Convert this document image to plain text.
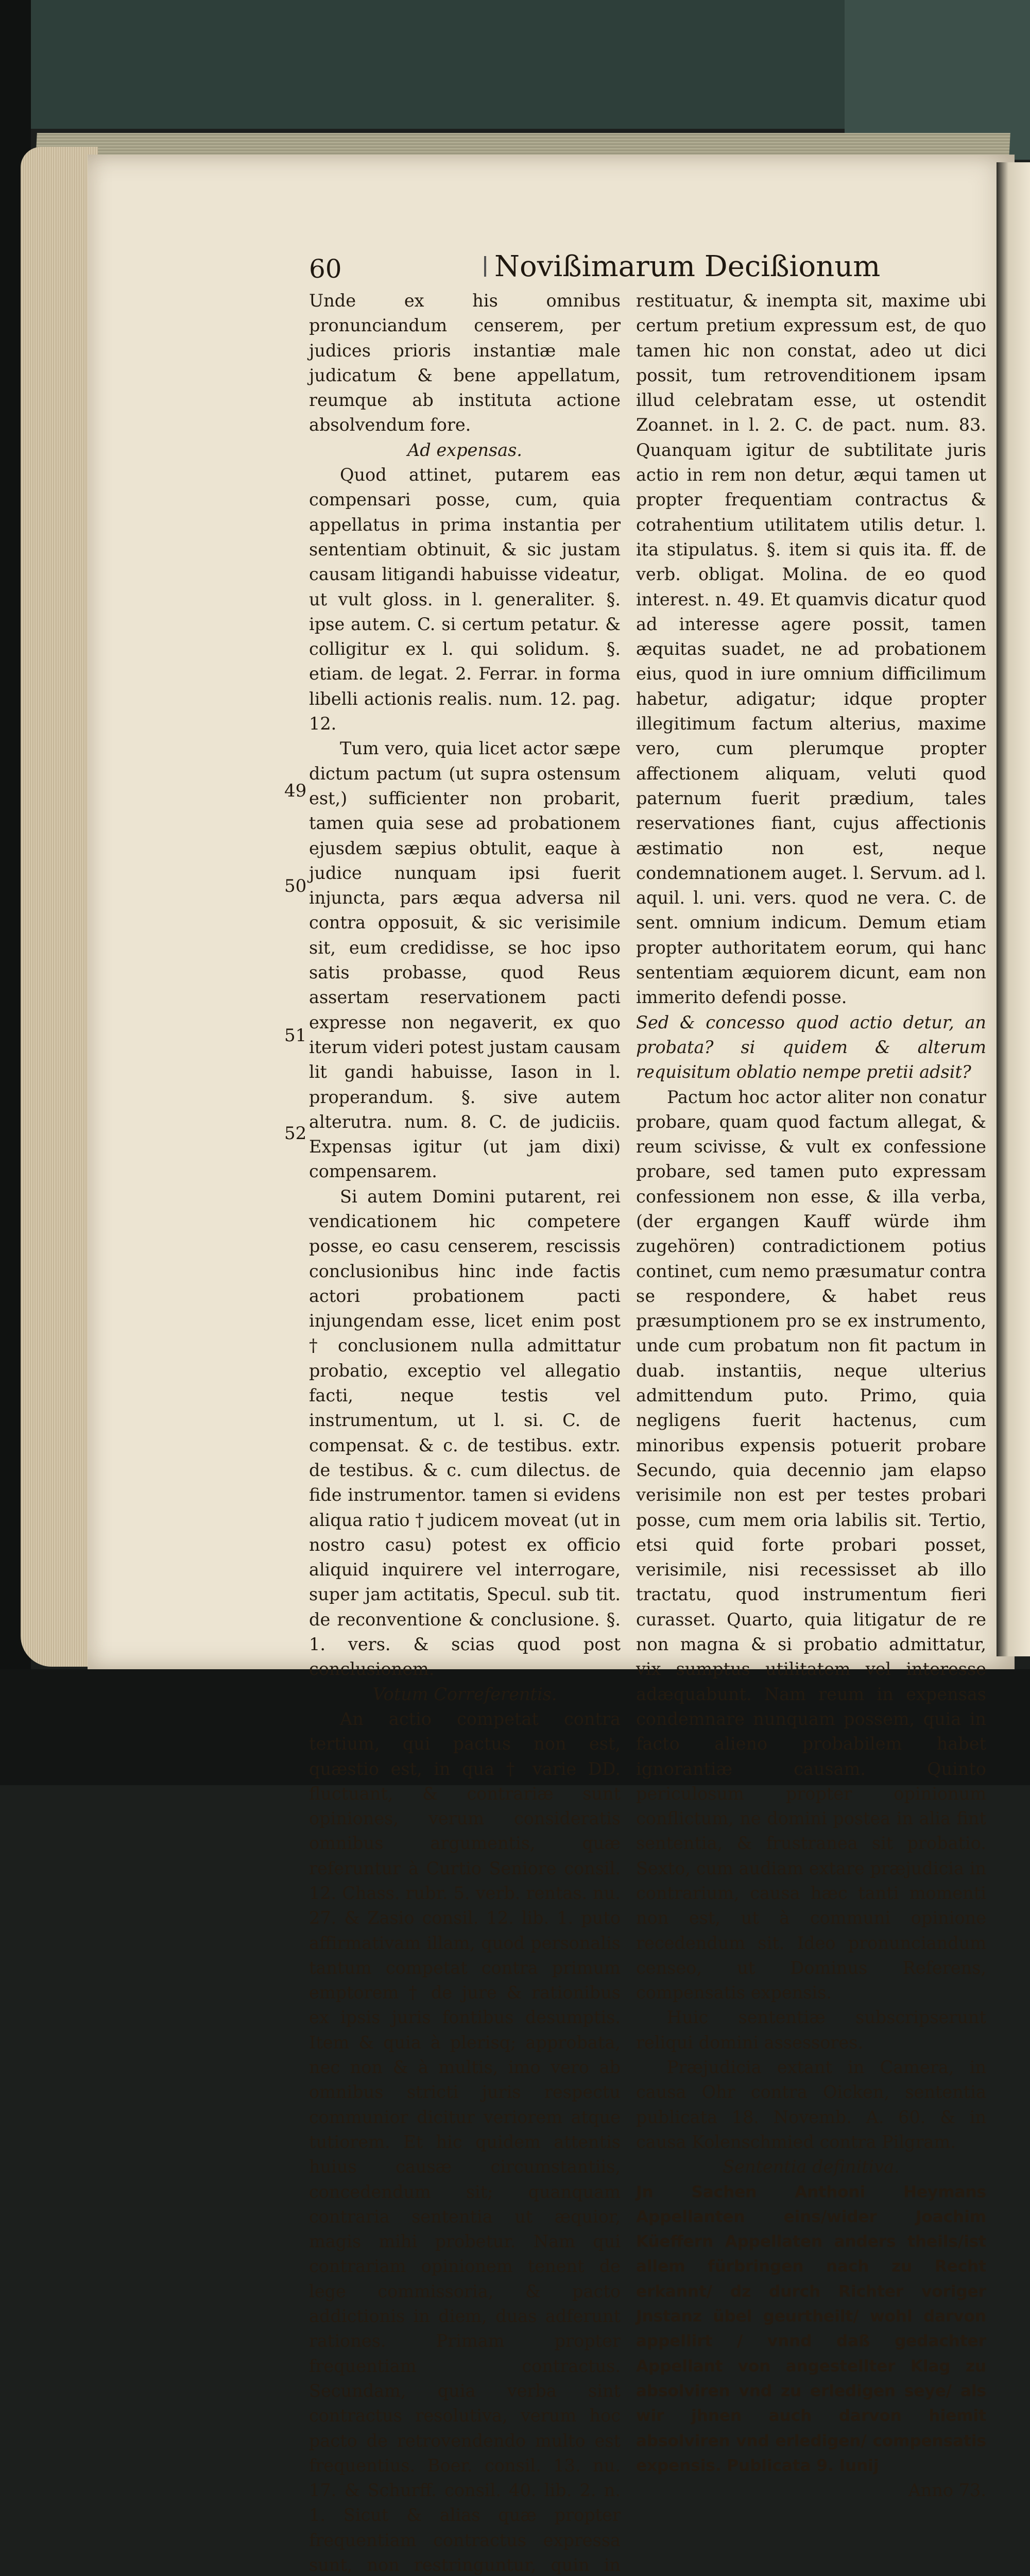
60	Novißimarum Decißionum

Unde ex his omnibus pronunciandum censerem, per judices prioris instantiæ male judicatum & bene appellatum, reumque ab instituta actione absolvendum fore.

Ad expensas.

Quod attinet, putarem eas compensari posse, cum, quia appellatus in prima instantia per sententiam obtinuit, & sic justam causam litigandi habuisse videatur, ut vult gloss. in l. generaliter. §. ipse autem. C. si certum petatur. & colligitur ex l. qui solidum. §. etiam. de legat. 2. Ferrar. in forma libelli actionis realis. num. 12. pag. 12.

Tum vero, quia licet actor sæpe dictum pactum (ut supra ostensum est,) sufficienter non probarit, tamen quia sese ad probationem ejusdem sæpius obtulit, eaque à judice nunquam ipsi fuerit injuncta, pars æqua adversa nil contra opposuit, & sic verisimile sit, eum credidisse, se hoc ipso satis probasse, quod Reus assertam reservationem pacti expresse non negaverit, ex quo iterum videri potest justam causam lit gandi habuisse, Iason in l. properandum. §. sive autem alterutra. num. 8. C. de judiciis. Expensas igitur (ut jam dixi) compensarem.

Si autem Domini putarent, rei vendicationem hic competere posse, eo casu censerem, rescissis conclusionibus hinc inde factis actori probationem pacti injungendam esse, licet enim post † conclusionem nulla admittatur probatio, exceptio vel allegatio facti, neque testis vel instrumentum, ut l. si. C. de compensat. & c. de testibus. extr. de testibus. & c. cum dilectus. de fide instrumentor. tamen si evidens aliqua ratio † judicem moveat (ut in nostro casu) potest ex officio aliquid inquirere vel interrogare, super jam actitatis, Specul. sub tit. de reconventione & conclusione. §. 1. vers. & scias quod post conclusionem.

Votum Correferentis.

An actio competat contra tertium, qui pactus non est, quæstio est, in qua † varie DD. fluctuant, & contrariæ sunt opiniones, verum consideratis omnibus argumentis, quæ referuntur à Curtio Seniore consil. 12. Chass. rubr. 5. verb. rentas. nu. 27. & Zasio consil. 12. lib. 1. puto affirmativam illam, quod personalis tantum competat contra primum emptorem † de jure & rationibus ex ipsis juris fontibus desumptis. Item & quia à plerisq; approbata, nec non & à multis, imo vero ab omnibus stricti juris respectu communior dicitur veriorem atque tutiorem. Et hic quidem attentis huius causæ circumstantiis, concedendum sit; quanquam contraria sententia ut æquior, magis mihi probetur. Nam qui contrariam opinionem tenent de lege commissoria, & pacto addictionis in diem, duas adferunt rationes. Primam propter frequentiam contractus. Secundam, quia verba sint contractus resolutiva, verum hoc pacto de retrovendendo multo est frequentius. Boer. consil. 13. nu. 17. & Schurff. consil. 40. lib. 2. n. 1. Sicut & alias quæ propter frequentiam contractus expressa sunt, non restringuntur, quin in

restituatur, & inempta sit, maxime ubi certum pretium expressum est, de quo tamen hic non constat, adeo ut dici possit, tum retrovenditionem ipsam illud celebratam esse, ut ostendit Zoannet. in l. 2. C. de pact. num. 83. Quanquam igitur de subtilitate juris actio in rem non detur, æqui tamen ut propter frequentiam contractus & cotrahentium utilitatem utilis detur. l. ita stipulatus. §. item si quis ita. ff. de verb. obligat. Molina. de eo quod interest. n. 49. Et quamvis dicatur quod ad interesse agere possit, tamen æquitas suadet, ne ad probationem eius, quod in iure omnium difficilimum habetur, adigatur; idque propter illegitimum factum alterius, maxime vero, cum plerumque propter affectionem aliquam, veluti quod paternum fuerit prædium, tales reservationes fiant, cujus affectionis æstimatio non est, neque condemnationem auget. l. Servum. ad l. aquil. l. uni. vers. quod ne vera. C. de sent. omnium indicum. Demum etiam propter authoritatem eorum, qui hanc sententiam æquiorem dicunt, eam non immerito defendi posse.

Sed & concesso quod actio detur, an probata? si quidem & alterum requisitum oblatio nempe pretii adsit?

Pactum hoc actor aliter non conatur probare, quam quod factum allegat, & reum scivisse, & vult ex confessione probare, sed tamen puto expressam confessionem non esse, & illa verba, (der ergangen Kauff würde ihm zugehören) contradictionem potius continet, cum nemo præsumatur contra se respondere, & habet reus præsumptionem pro se ex instrumento, unde cum probatum non fit pactum in duab. instantiis, neque ulterius admittendum puto. Primo, quia negligens fuerit hactenus, cum minoribus expensis potuerit probare Secundo, quia decennio jam elapso verisimile non est per testes probari posse, cum mem oria labilis sit. Tertio, etsi quid forte probari posset, verisimile, nisi recessisset ab illo tractatu, quod instrumentum fieri curasset. Quarto, quia litigatur de re non magna & si probatio admittatur, vix sumptus utilitatem vel interesse adæquabunt. Nam reum in expensas condemnare nunquam possem, quia in facto alieno probabilem habet ignorantiæ causam. Quinto periculosum propter opinionum conflictum, ne domini postea in alia fint sententia, & frustranea sit probatio. Sexto, cum audiam extare præjudicia in contrarium, causa hæc tanti momenti non est, ut à communi opinione recedendum sit. Ideo pronunciandum censeo, ut Dominus Referens, compensatis expensis.

Huic sententiæ subscripserunt reliqui domini assessores.

Præjudicia extant in Camera, in causa Ohr contra Oicken, sententia publicata 18. Novemb. A. 60. & in causa Kolenschmied contra Pilgram.

Sententia definitiva.

Jn Sachen Anthoni Heymans Appellanten eins/wider Joachim Küeffern Appellaten anders theils/ist allem fürbringen nach zu Recht erkannt/ dz durch Richter voriger Jnstanz übel geurtheilt/ wohl darvon appellirt / vnnd daß gedachter Appellant von angestellter Klag zu absolviren vnd zu erledigen seye/ als wir jhnen auch darvon hiemit absolviren vnd erledigen/ compensatis expensis. Publicata 9. Iunij

Anno 73.

49
50
51
52
